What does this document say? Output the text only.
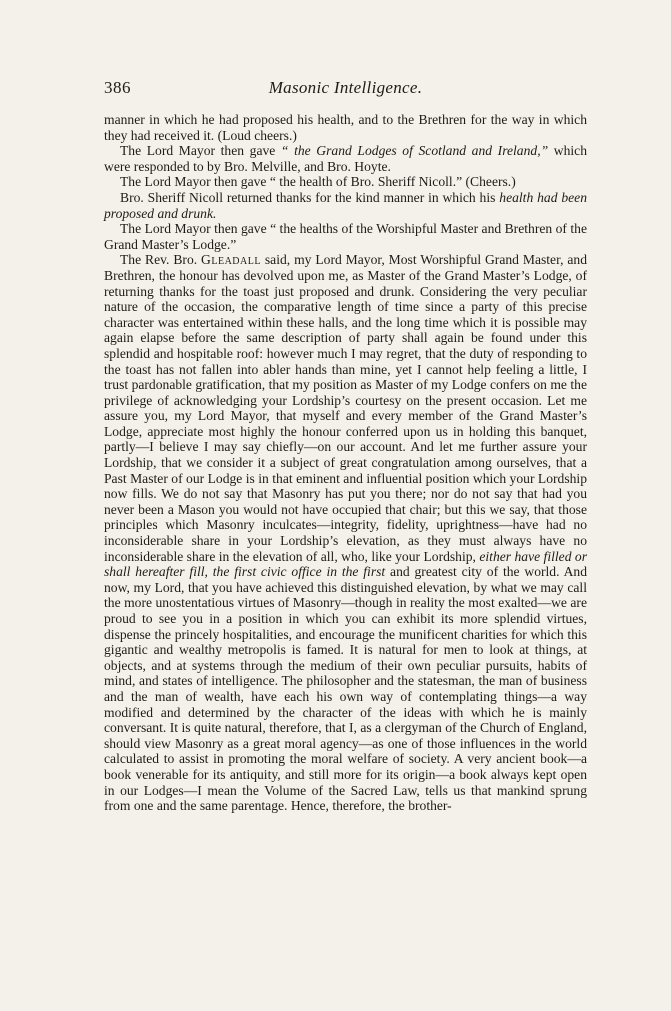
386	Masonic Intelligence.

manner in which he had proposed his health, and to the Brethren for the way in which they had received it. (Loud cheers.)

The Lord Mayor then gave “ the Grand Lodges of Scotland and Ireland,” which were responded to by Bro. Melville, and Bro. Hoyte.

The Lord Mayor then gave “ the health of Bro. Sheriff Nicoll.” (Cheers.)

Bro. Sheriff Nicoll returned thanks for the kind manner in which his health had been proposed and drunk.

The Lord Mayor then gave “ the healths of the Worshipful Master and Brethren of the Grand Master’s Lodge.”

The Rev. Bro. Gleadall said, my Lord Mayor, Most Worshipful Grand Master, and Brethren, the honour has devolved upon me, as Master of the Grand Master’s Lodge, of returning thanks for the toast just proposed and drunk. Considering the very peculiar nature of the occasion, the comparative length of time since a party of this precise character was entertained within these halls, and the long time which it is possible may again elapse before the same description of party shall again be found under this splendid and hospitable roof: however much I may regret, that the duty of responding to the toast has not fallen into abler hands than mine, yet I cannot help feeling a little, I trust pardonable gratification, that my position as Master of my Lodge confers on me the privilege of acknowledging your Lordship’s courtesy on the present occasion. Let me assure you, my Lord Mayor, that myself and every member of the Grand Master’s Lodge, appreciate most highly the honour conferred upon us in holding this banquet, partly—I believe I may say chiefly—on our account. And let me further assure your Lordship, that we consider it a subject of great congratulation among ourselves, that a Past Master of our Lodge is in that eminent and influential position which your Lordship now fills. We do not say that Masonry has put you there; nor do not say that had you never been a Mason you would not have occupied that chair; but this we say, that those principles which Masonry inculcates—integrity, fidelity, uprightness—have had no inconsiderable share in your Lordship’s elevation, as they must always have no inconsiderable share in the elevation of all, who, like your Lordship, either have filled or shall hereafter fill, the first civic office in the first and greatest city of the world. And now, my Lord, that you have achieved this distinguished elevation, by what we may call the more unostentatious virtues of Masonry—though in reality the most exalted—we are proud to see you in a position in which you can exhibit its more splendid virtues, dispense the princely hospitalities, and encourage the munificent charities for which this gigantic and wealthy metropolis is famed. It is natural for men to look at things, at objects, and at systems through the medium of their own peculiar pursuits, habits of mind, and states of intelligence. The philosopher and the statesman, the man of business and the man of wealth, have each his own way of contemplating things—a way modified and determined by the character of the ideas with which he is mainly conversant. It is quite natural, therefore, that I, as a clergyman of the Church of England, should view Masonry as a great moral agency—as one of those influences in the world calculated to assist in promoting the moral welfare of society. A very ancient book—a book venerable for its antiquity, and still more for its origin—a book always kept open in our Lodges—I mean the Volume of the Sacred Law, tells us that mankind sprung from one and the same parentage. Hence, therefore, the brother-
